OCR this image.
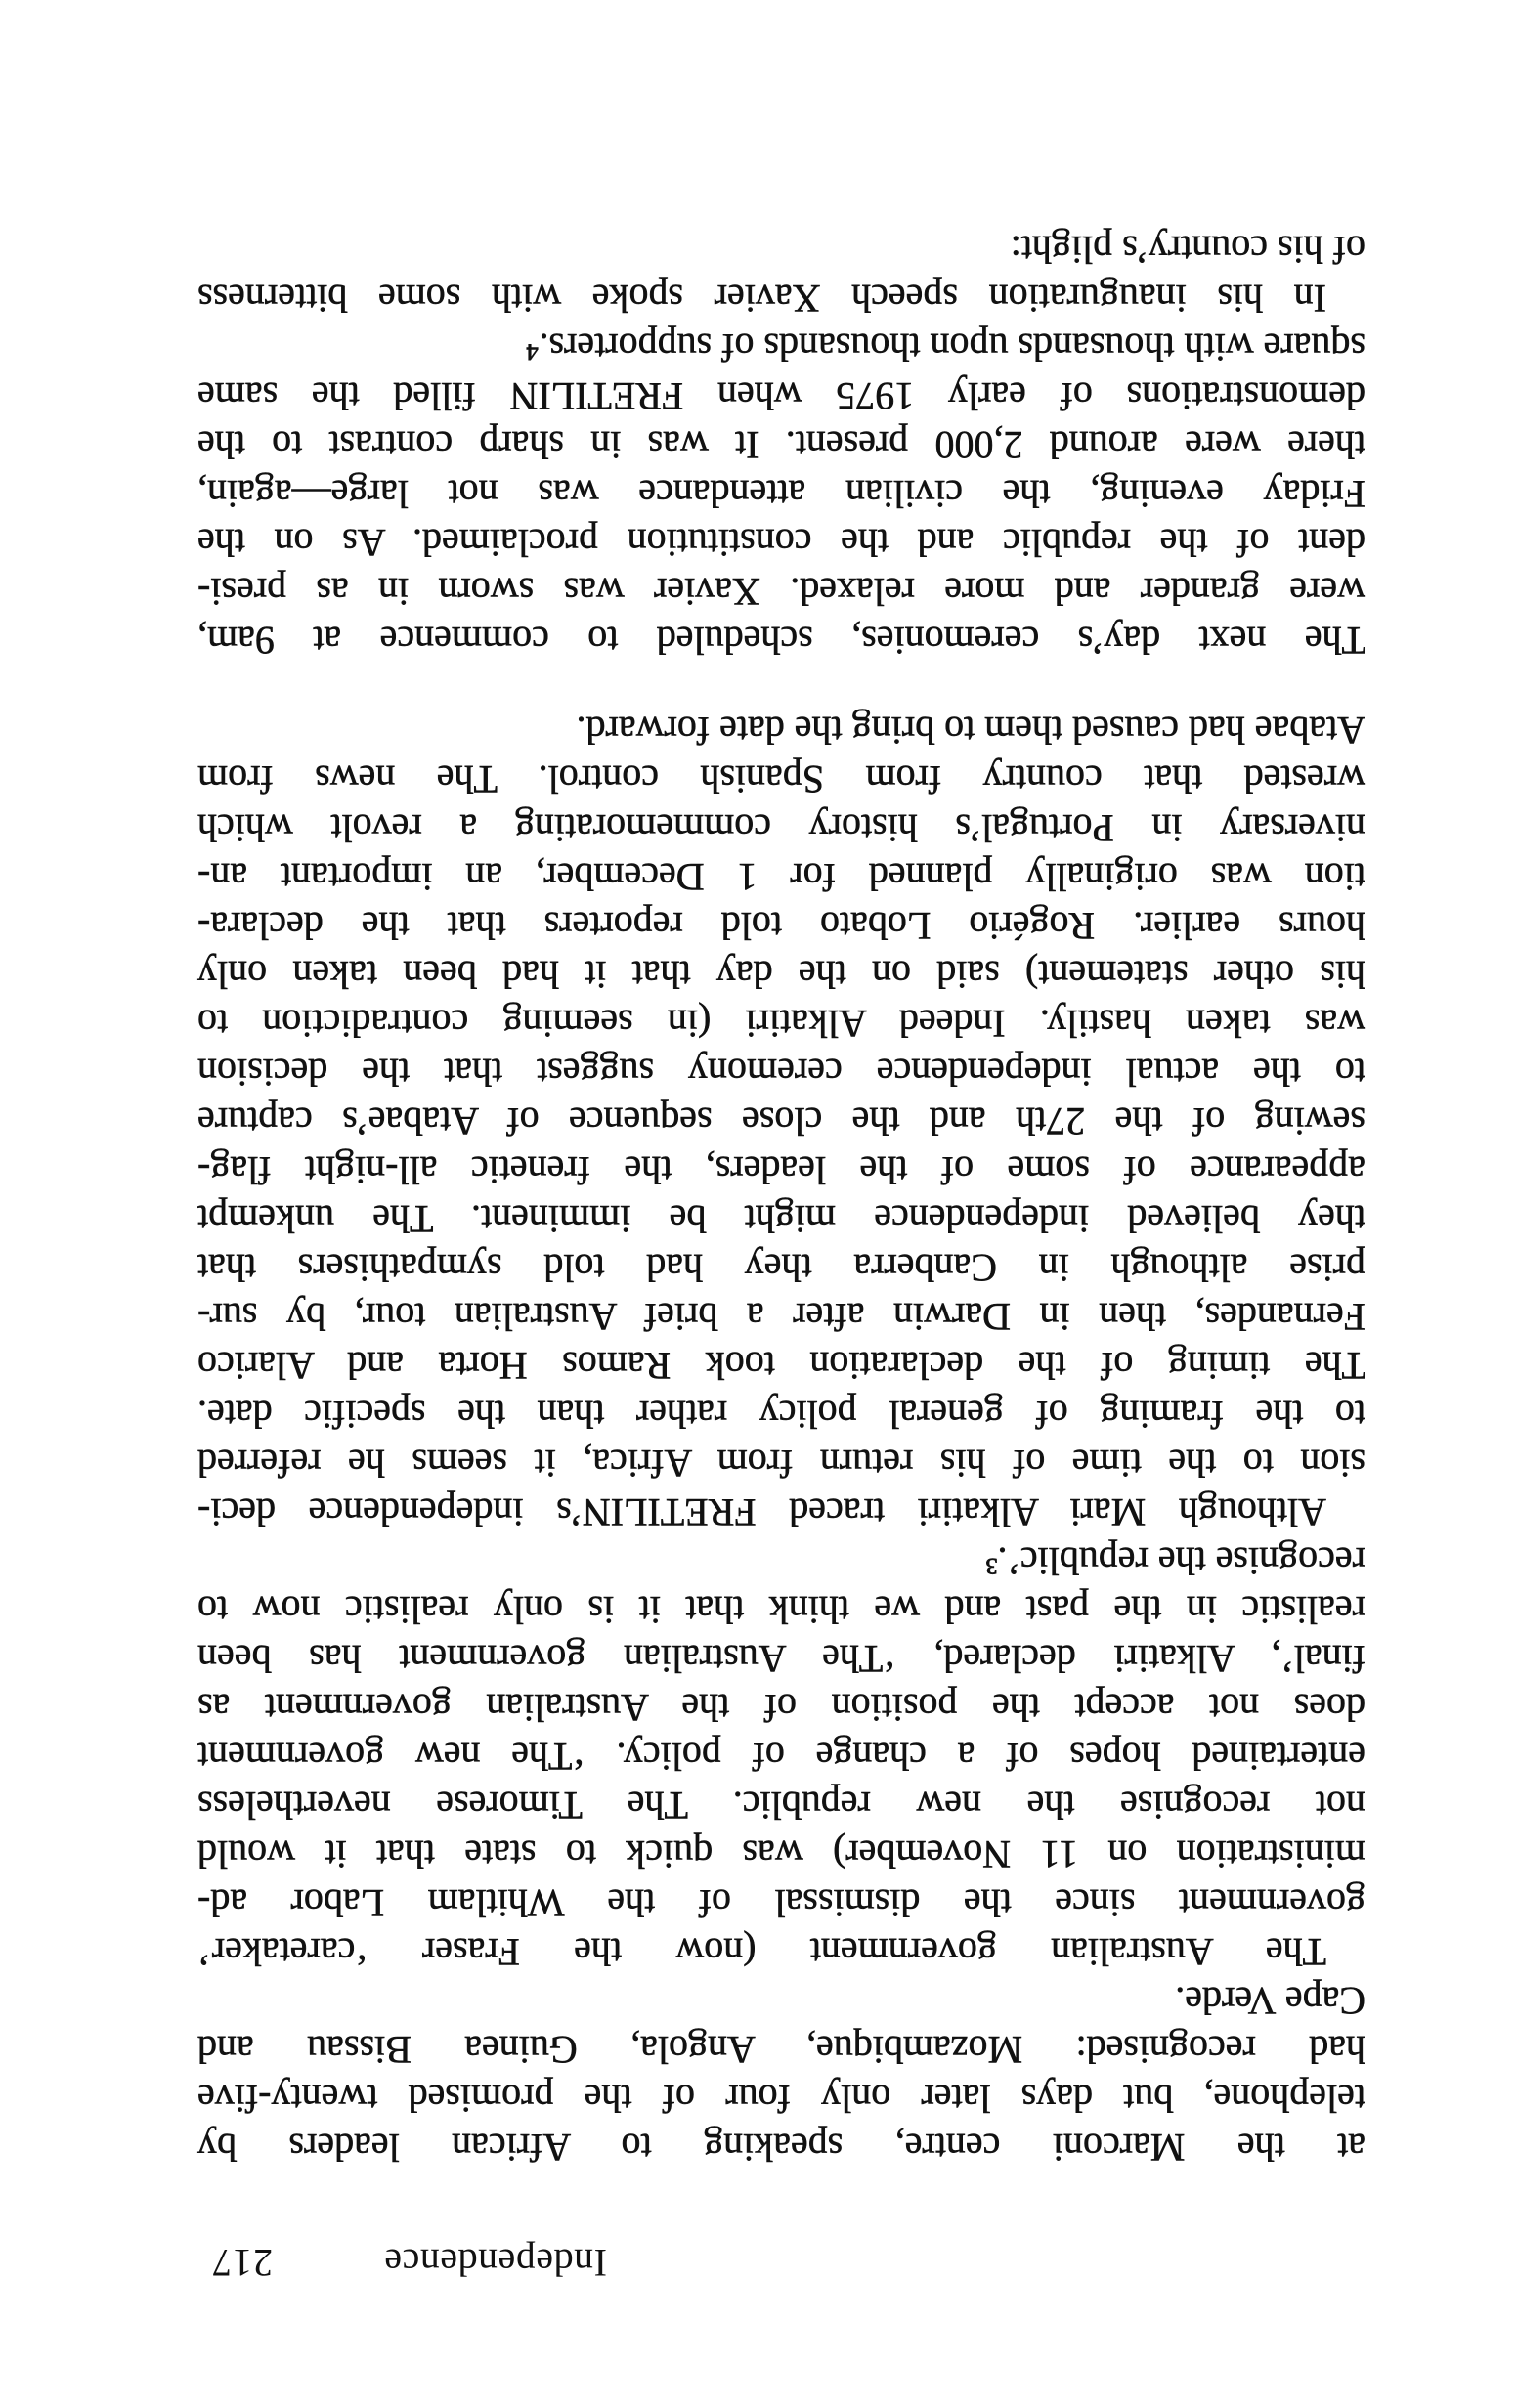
Independence
217
at the Marconi centre, speaking to African leaders by
telephone, but days later only four of the promised twenty-five
had recognised: Mozambique, Angola, Guinea Bissau and
Cape Verde.
The Australian government (now the Fraser ‘caretaker’
government since the dismissal of the Whitlam Labor ad-
ministration on 11 November) was quick to state that it would
not recognise the new republic. The Timorese nevertheless
entertained hopes of a change of policy. ‘The new government
does not accept the position of the Australian government as
final’, Alkatiri declared, ‘The Australian government has been
realistic in the past and we think that it is only realistic now to
recognise the republic’.³
Although Mari Alkatiri traced FRETILIN’s independence deci-
sion to the time of his return from Africa, it seems he referred
to the framing of general policy rather than the specific date.
The timing of the declaration took Ramos Horta and Alarico
Fernandes, then in Darwin after a brief Australian tour, by sur-
prise although in Canberra they had told sympathisers that
they believed independence might be imminent. The unkempt
appearance of some of the leaders, the frenetic all-night flag-
sewing of the 27th and the close sequence of Atabae’s capture
to the actual independence ceremony suggest that the decision
was taken hastily. Indeed Alkatiri (in seeming contradiction to
his other statement) said on the day that it had been taken only
hours earlier. Rogério Lobato told reporters that the declara-
tion was originally planned for 1 December, an important an-
niversary in Portugal’s history commemorating a revolt which
wrested that country from Spanish control. The news from
Atabae had caused them to bring the date forward.
The next day’s ceremonies, scheduled to commence at 9am,
were grander and more relaxed. Xavier was sworn in as presi-
dent of the republic and the constitution proclaimed. As on the
Friday evening, the civilian attendance was not large—again,
there were around 2,000 present. It was in sharp contrast to the
demonstrations of early 1975 when FRETILIN filled the same
square with thousands upon thousands of supporters.⁴
In his inauguration speech Xavier spoke with some bitterness
of his country’s plight:
